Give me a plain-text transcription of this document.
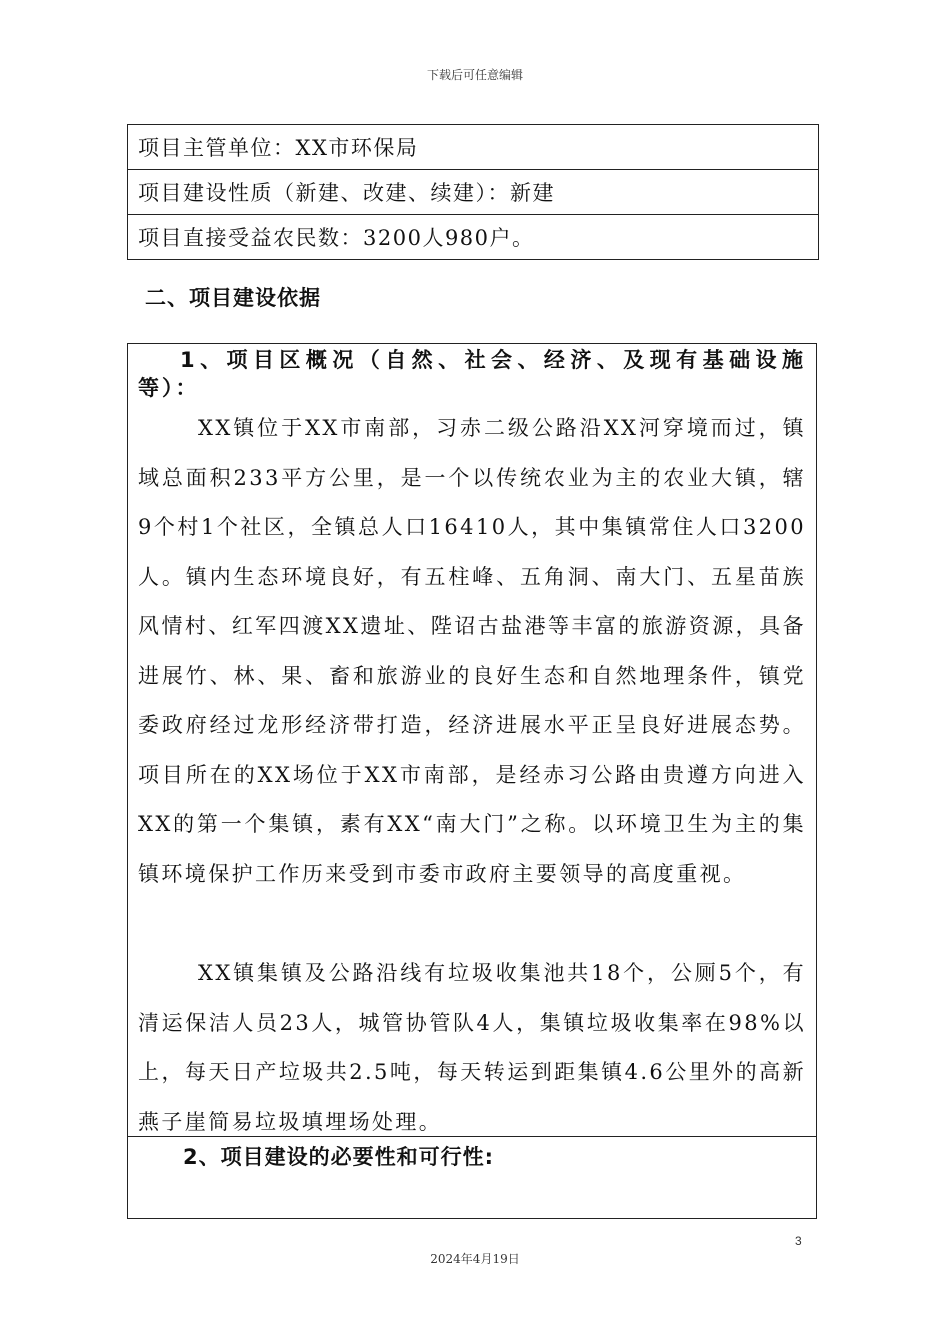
下载后可任意编辑
项目主管单位：XX市环保局
项目建设性质（新建、改建、续建）：新建
项目直接受益农民数：3200人980户。
二、项目建设依据
1、项目区概况（自然、社会、经济、及现有基础设施等）：
XX镇位于XX市南部，习赤二级公路沿XX河穿境而过，镇域总面积233平方公里，是一个以传统农业为主的农业大镇，辖9个村1个社区，全镇总人口16410人，其中集镇常住人口3200人。镇内生态环境良好，有五柱峰、五角洞、南大门、五星苗族风情村、红军四渡XX遗址、陛诏古盐港等丰富的旅游资源，具备进展竹、林、果、畜和旅游业的良好生态和自然地理条件，镇党委政府经过龙形经济带打造，经济进展水平正呈良好进展态势。项目所在的XX场位于XX市南部，是经赤习公路由贵遵方向进入XX的第一个集镇，素有XX“南大门”之称。以环境卫生为主的集镇环境保护工作历来受到市委市政府主要领导的高度重视。
XX镇集镇及公路沿线有垃圾收集池共18个，公厕5个，有清运保洁人员23人，城管协管队4人，集镇垃圾收集率在98%以上，每天日产垃圾共2.5吨，每天转运到距集镇4.6公里外的高新燕子崖简易垃圾填埋场处理。
2、项目建设的必要性和可行性:
3
2024年4月19日
